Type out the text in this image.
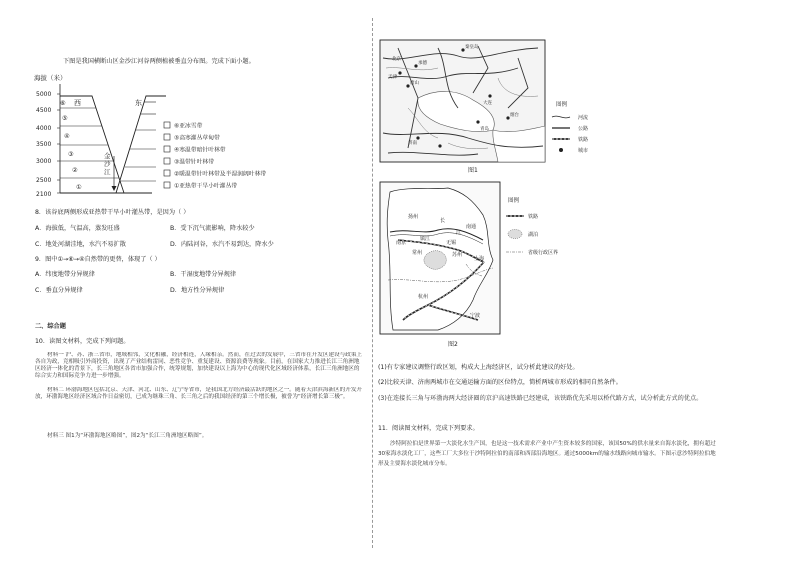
下图是我国横断山区金沙江河谷两侧植被垂直分布图。完成下面小题。
海拔（米）
5000
4500
4000
3500
3000
2500
2100
⑥
⑤
④
③
②
①
西	东
金沙江
⑥亚冰雪带
⑤高寒灌丛草甸带
④寒温带暗针叶林带
③温带针叶林带
②暖温带针叶林带及半湿润阔叶林带
①亚热带干旱小叶灌丛带
8．该谷底两侧形成亚热带干旱小叶灌丛带，是因为（ ）
A．海拔低，气温高，蒸发旺盛	B．受下沉气流影响，降水较少
C．地处河湖洼地，水汽不易扩散	D．内陆河谷，水汽不易到达，降水少
9．图中①→⑥→④自然带的更替，体现了（ ）
A．纬度地带分异规律	B．干湿度地带分异规律
C．垂直分异规律	D．地方性分异规律
二、综合题
10．读图文材料，完成下列问题。
材料一 沪、苏、浙三省市，地域相邻，文化相融，经济相连，人缘相亲。然而，在过去的发展中，三省市在开发区建设与政策上各自为政，竞相吸引外商投资，出现了产业结构雷同、恶性竞争、重复建设、资源浪费等现象。目前，在国家大力推进长江三角洲地区经济一体化的背景下，长三角地区各省市加强合作，统筹规划，加快建设以上海为中心的现代化区域经济体系，长江三角洲地区的综合实力和国际竞争力进一步增强。
材料二 环渤海地区包括北京、天津、河北、山东、辽宁等省市，是我国北方经济最活跃的地区之一。随着天津滨海新区的开发开放，环渤海地区经济区域合作日益密切，已成为继珠三角、长三角之后的我国经济的第三个增长极，被誉为“经济增长第三极”。
材料三 图1为“环渤海地区略图”，图2为“长江三角洲地区略图”。
承德
秦皇岛
唐山
天津
大连
烟台
青岛
济南
北京
图1
图例
河流
公路
铁路
城市
扬州
镇江
南京
常州
长
江
无锡
南通
苏州
上海
杭州
宁波
图2
图例
铁路
湖泊
省级行政区界
(1)有专家建议调整行政区划，构成大上海经济区，试分析此建议的好处。
(2)比较天津、济南两城市在交通运输方面的区位特点，简析两城市形成的相同自然条件。
(3)在连接长三角与环渤海两大经济圈的京沪高速铁路已经建成，该铁路优先采用以桥代路方式，试分析此方式的优点。
11．阅读图文材料，完成下列要求。
沙特阿拉伯是世界第一大淡化水生产国，也是这一技术需求产业中产生资本较多的国家，该国50%的供水量来自海水淡化，拥有超过30家海水淡化工厂，这些工厂大多位于沙特阿拉伯的南部和西部沿海地区。通过5000km的输水线路向城市输水。下图示意沙特阿拉伯地形及主要海水淡化城市分布。
